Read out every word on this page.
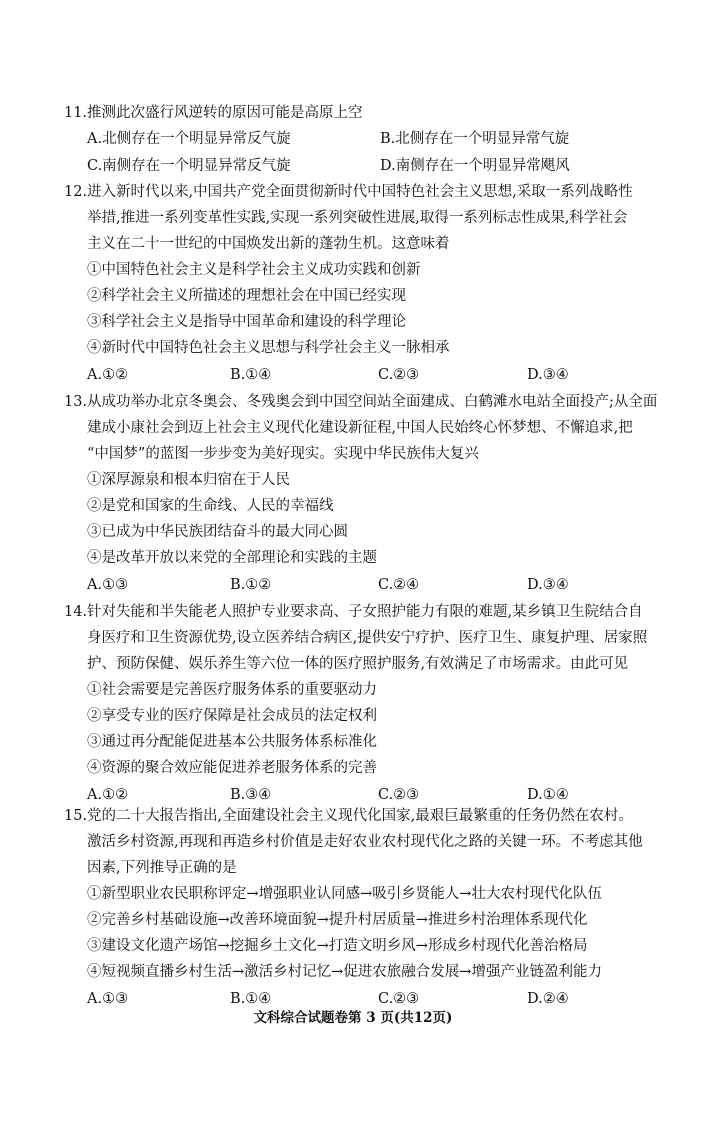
11. 推测此次盛行风逆转的原因可能是高原上空
A.北侧存在一个明显异常反气旋	B.北侧存在一个明显异常气旋
C.南侧存在一个明显异常反气旋	D.南侧存在一个明显异常飓风
12. 进入新时代以来,中国共产党全面贯彻新时代中国特色社会主义思想,采取一系列战略性
举措,推进一系列变革性实践,实现一系列突破性进展,取得一系列标志性成果,科学社会
主义在二十一世纪的中国焕发出新的蓬勃生机。这意味着
①中国特色社会主义是科学社会主义成功实践和创新
②科学社会主义所描述的理想社会在中国已经实现
③科学社会主义是指导中国革命和建设的科学理论
④新时代中国特色社会主义思想与科学社会主义一脉相承
A.①②	B.①④	C.②③	D.③④
13. 从成功举办北京冬奥会、冬残奥会到中国空间站全面建成、白鹤滩水电站全面投产;从全面
建成小康社会到迈上社会主义现代化建设新征程,中国人民始终心怀梦想、不懈追求,把
“中国梦”的蓝图一步步变为美好现实。实现中华民族伟大复兴
①深厚源泉和根本归宿在于人民
②是党和国家的生命线、人民的幸福线
③已成为中华民族团结奋斗的最大同心圆
④是改革开放以来党的全部理论和实践的主题
A.①③	B.①②	C.②④	D.③④
14. 针对失能和半失能老人照护专业要求高、子女照护能力有限的难题,某乡镇卫生院结合自
身医疗和卫生资源优势,设立医养结合病区,提供安宁疗护、医疗卫生、康复护理、居家照
护、预防保健、娱乐养生等六位一体的医疗照护服务,有效满足了市场需求。由此可见
①社会需要是完善医疗服务体系的重要驱动力
②享受专业的医疗保障是社会成员的法定权利
③通过再分配能促进基本公共服务体系标准化
④资源的聚合效应能促进养老服务体系的完善
A.①②	B.③④	C.②③	D.①④
15. 党的二十大报告指出,全面建设社会主义现代化国家,最艰巨最繁重的任务仍然在农村。
激活乡村资源,再现和再造乡村价值是走好农业农村现代化之路的关键一环。不考虑其他
因素,下列推导正确的是
①新型职业农民职称评定→增强职业认同感→吸引乡贤能人→壮大农村现代化队伍
②完善乡村基础设施→改善环境面貌→提升村居质量→推进乡村治理体系现代化
③建设文化遗产场馆→挖掘乡土文化→打造文明乡风→形成乡村现代化善治格局
④短视频直播乡村生活→激活乡村记忆→促进农旅融合发展→增强产业链盈利能力
A.①③	B.①④	C.②③	D.②④
文科综合试题卷第 3 页(共12页)
